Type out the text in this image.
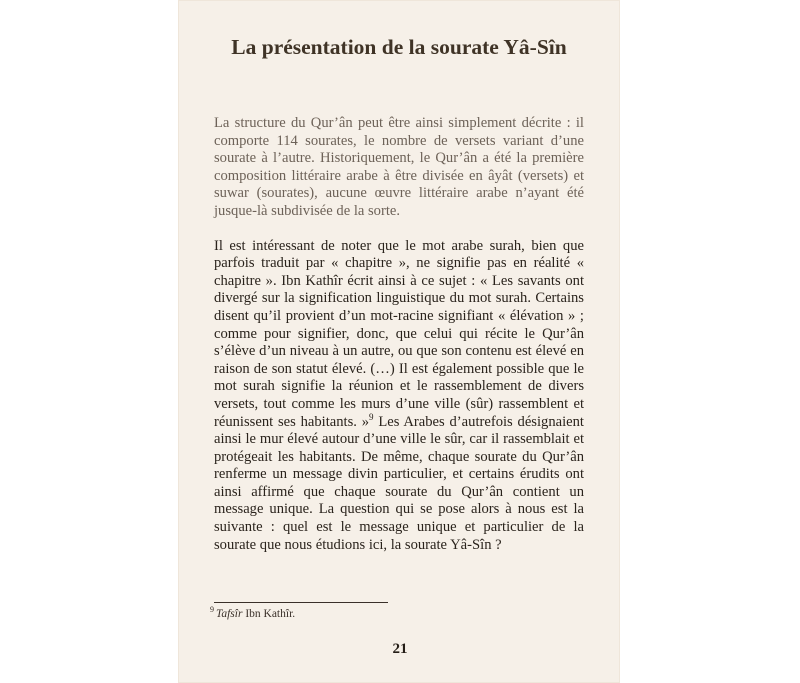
La présentation de la sourate Yâ-Sîn

La structure du Qur’ân peut être ainsi simplement décrite : il comporte 114 sourates, le nombre de versets variant d’une sourate à l’autre. Historiquement, le Qur’ân a été la première composition littéraire arabe à être divisée en âyât (versets) et suwar (sourates), aucune œuvre littéraire arabe n’ayant été jusque-là subdivisée de la sorte.

Il est intéressant de noter que le mot arabe surah, bien que parfois traduit par « chapitre », ne signifie pas en réalité « chapitre ». Ibn Kathîr écrit ainsi à ce sujet : « Les savants ont divergé sur la signification linguistique du mot surah. Certains disent qu’il provient d’un mot-racine signifiant « élévation » ; comme pour signifier, donc, que celui qui récite le Qur’ân s’élève d’un niveau à un autre, ou que son contenu est élevé en raison de son statut élevé. (…) Il est également possible que le mot surah signifie la réunion et le rassemblement de divers versets, tout comme les murs d’une ville (sûr) rassemblent et réunissent ses habitants. »$^9$ Les Arabes d’autrefois désignaient ainsi le mur élevé autour d’une ville le sûr, car il rassemblait et protégeait les habitants. De même, chaque sourate du Qur’ân renferme un message divin particulier, et certains érudits ont ainsi affirmé que chaque sourate du Qur’ân contient un message unique. La question qui se pose alors à nous est la suivante : quel est le message unique et particulier de la sourate que nous étudions ici, la sourate Yâ-Sîn ?

$^9$ Tafsîr Ibn Kathîr.
21
